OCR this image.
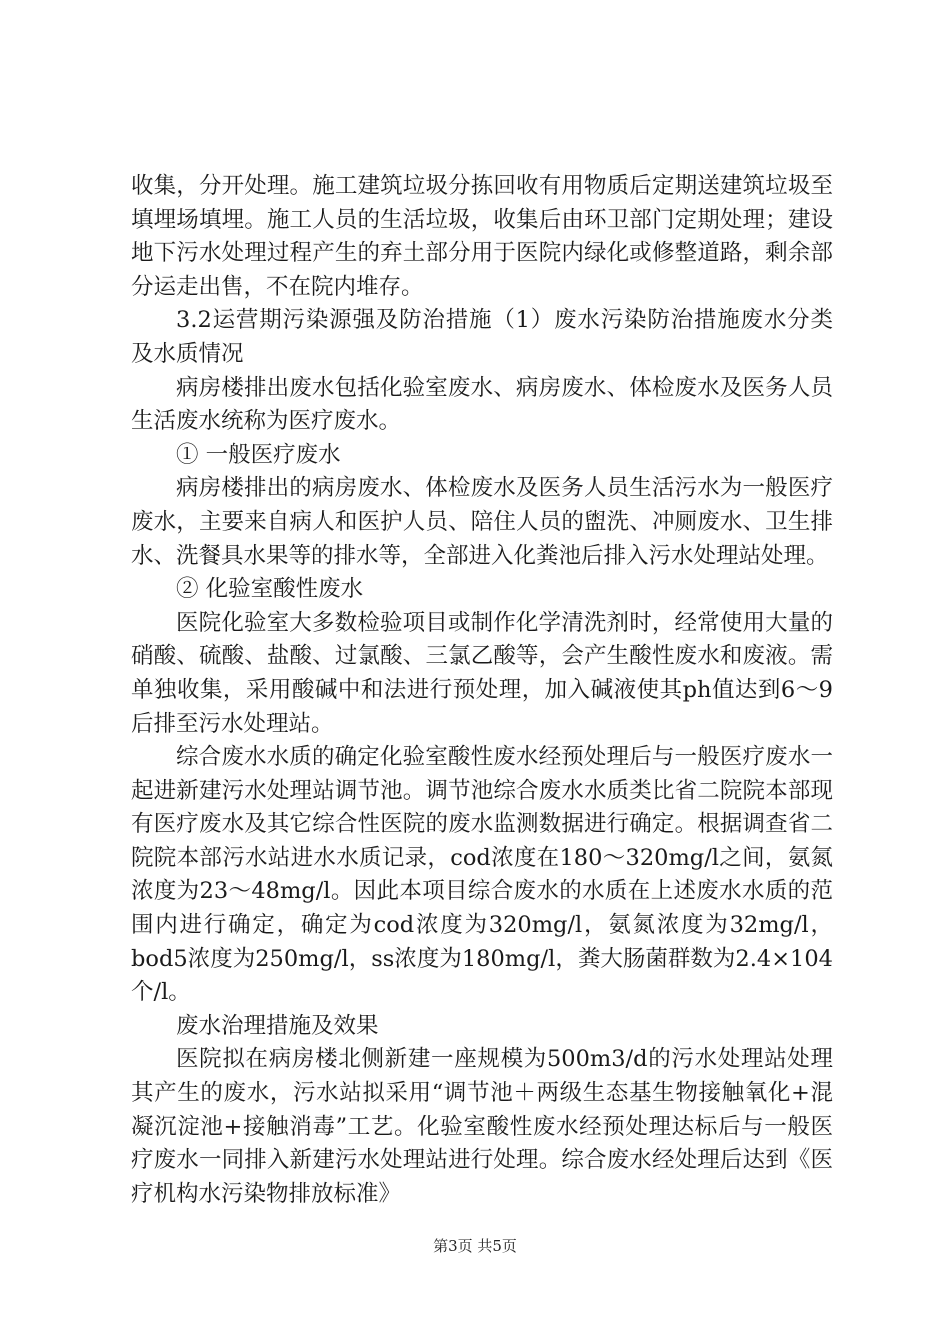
收集，分开处理。施工建筑垃圾分拣回收有用物质后定期送建筑垃圾至填埋场填埋。施工人员的生活垃圾，收集后由环卫部门定期处理；建设地下污水处理过程产生的弃土部分用于医院内绿化或修整道路，剩余部分运走出售，不在院内堆存。

3.2运营期污染源强及防治措施（1）废水污染防治措施废水分类及水质情况

病房楼排出废水包括化验室废水、病房废水、体检废水及医务人员生活废水统称为医疗废水。

① 一般医疗废水

病房楼排出的病房废水、体检废水及医务人员生活污水为一般医疗废水，主要来自病人和医护人员、陪住人员的盥洗、冲厕废水、卫生排水、洗餐具水果等的排水等，全部进入化粪池后排入污水处理站处理。

② 化验室酸性废水

医院化验室大多数检验项目或制作化学清洗剂时，经常使用大量的硝酸、硫酸、盐酸、过氯酸、三氯乙酸等，会产生酸性废水和废液。需单独收集，采用酸碱中和法进行预处理，加入碱液使其ph值达到6～9后排至污水处理站。

综合废水水质的确定化验室酸性废水经预处理后与一般医疗废水一起进新建污水处理站调节池。调节池综合废水水质类比省二院院本部现有医疗废水及其它综合性医院的废水监测数据进行确定。根据调查省二院院本部污水站进水水质记录，cod浓度在180～320mg/l之间，氨氮浓度为23～48mg/l。因此本项目综合废水的水质在上述废水水质的范围内进行确定，确定为cod浓度为320mg/l，氨氮浓度为32mg/l，bod5浓度为250mg/l，ss浓度为180mg/l，粪大肠菌群数为2.4×104个/l。

废水治理措施及效果

医院拟在病房楼北侧新建一座规模为500m3/d的污水处理站处理其产生的废水，污水站拟采用“调节池＋两级生态基生物接触氧化+混凝沉淀池+接触消毒”工艺。化验室酸性废水经预处理达标后与一般医疗废水一同排入新建污水处理站进行处理。综合废水经处理后达到《医疗机构水污染物排放标准》

第3页 共5页
